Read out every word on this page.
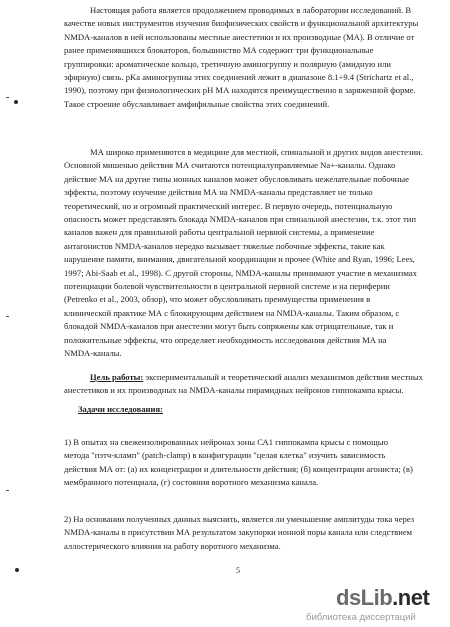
Настоящая работа является продолжением проводимых в лаборатории исследований. В

качестве новых инструментов изучения биофизических свойств и функциональной архитектуры

NMDA-каналов в ней использованы местные анестетики и их производные (МА). В отличие от

ранее применявшихся блокаторов, большинство МА содержит три функциональные

группировки: ароматическое кольцо, третичную аминогруппу и полярную (амидную или

эфирную) связь. pKa аминогрупны этих соединений лежит в диапазоне 8.1÷9.4 (Strichartz et al.,

1990), поэтому при физиологических pH МА находятся преимущественно в заряженной форме.

Такое строение обуславливает амфифильные свойства этих соединений.

МА широко применяются в медицине для местной, спинальной и других видов анестезии.

Основной мишенью действия МА считаются потенциалуправляемые Na+-каналы. Однако

действие МА на другие типы ионных каналов может обусловливать нежелательные побочные

эффекты, поэтому изучение действия МА на NMDA-каналы представляет не только

теоретический, но и огромный практический интерес. В первую очередь, потенциальную

опасность может представлять блокада NMDA-каналов при спинальной анестезии, т.к. этот тип

каналов важен для правильной работы центральной нервной системы, а применение

антагонистов NMDA-каналов нередко вызывает тяжелые побочные эффекты, такие как

нарушение памяти, внимания, двигательной координации и прочее (White and Ryan, 1996; Lees,

1997; Abi-Saab et al., 1998). С другой стороны, NMDA-каналы принимают участие в механизмах

потенциации болевой чувствительности в центральной нервной системе и на периферии

(Petrenko et al., 2003, обзор), что может обусловливать преимущества применения в

клинической практике МА с блокирующим действием на NMDA-каналы. Таким образом, с

блокадой NMDA-каналов при анестезии могут быть сопряжены как отрицательные, так и

положительные эффекты, что определяет необходимость исследования действия МА на

NMDA-каналы.

Цель работы: экспериментальный и теоретический анализ механизмов действия местных

анестетиков и их производных на NMDA-каналы пирамидных нейронов гиппокампа крысы.

Задачи исследования:

1) В опытах на свежеизолированных нейронах зоны СА1 гиппокампа крысы с помощью

метода "пэтч-кламп" (patch-clamp) в конфигурации "целая клетка" изучить зависимость

действия МА от: (а) их концентрации и длительности действия; (б) концентрации агониста; (в)

мембранного потенциала, (г) состояния воротного механизма канала.

2) На основании полученных данных выяснить, является ли уменьшение амплитуды тока через

NMDA-каналы в присутствии МА результатом закупорки ионной поры канала или следствием

аллостерического влияния на работу воротного механизма.

5
dsLib.net
библиотека диссертаций
